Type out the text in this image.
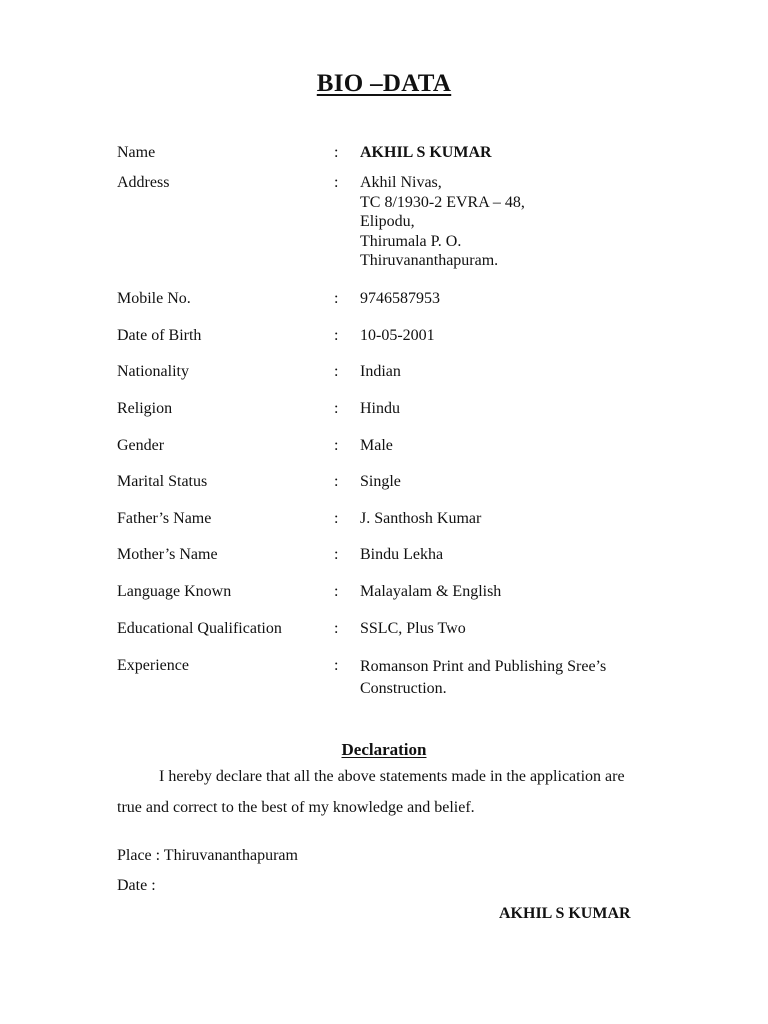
BIO –DATA
Name	: AKHIL S KUMAR
Address	: Akhil Nivas,
TC 8/1930-2 EVRA – 48,
Elipodu,
Thirumala P. O.
Thiruvananthapuram.
Mobile No.	: 9746587953
Date of Birth	: 10-05-2001
Nationality	: Indian
Religion	: Hindu
Gender	: Male
Marital Status	: Single
Father’s Name	: J. Santhosh Kumar
Mother’s Name	: Bindu Lekha
Language Known	: Malayalam & English
Educational Qualification	: SSLC, Plus Two
Experience	: Romanson Print and Publishing Sree’s
Construction.
Declaration
I hereby declare that all the above statements made in the application are
true and correct to the best of my knowledge and belief.
Place : Thiruvananthapuram
Date :
AKHIL S KUMAR
